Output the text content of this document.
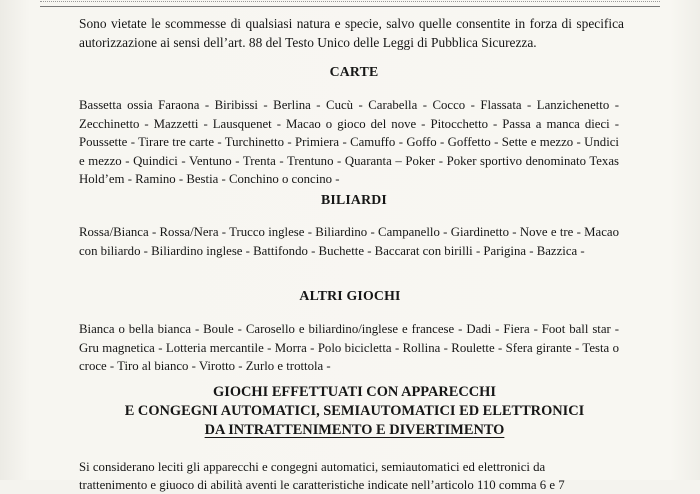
Sono vietate le scommesse di qualsiasi natura e specie, salvo quelle consentite in forza di specifica autorizzazione ai sensi dell’art. 88 del Testo Unico delle Leggi di Pubblica Sicurezza.

CARTE

Bassetta ossia Faraona - Biribissi - Berlina - Cucù - Carabella - Cocco - Flassata - Lanzichenetto - Zecchinetto - Mazzetti - Lausquenet - Macao o gioco del nove - Pitocchetto - Passa a manca dieci - Poussette - Tirare tre carte - Turchinetto - Primiera - Camuffo - Goffo - Goffetto - Sette e mezzo - Undici e mezzo - Quindici - Ventuno - Trenta - Trentuno - Quaranta – Poker - Poker sportivo denominato Texas Hold’em - Ramino - Bestia - Conchino o concino -

BILIARDI

Rossa/Bianca - Rossa/Nera - Trucco inglese - Biliardino - Campanello - Giardinetto - Nove e tre - Macao con biliardo - Biliardino inglese - Battifondo - Buchette - Baccarat con birilli - Parigina - Bazzica -

ALTRI GIOCHI

Bianca o bella bianca - Boule - Carosello e biliardino/inglese e francese - Dadi - Fiera - Foot ball star - Gru magnetica - Lotteria mercantile - Morra - Polo bicicletta - Rollina - Roulette - Sfera girante - Testa o croce - Tiro al bianco - Virotto - Zurlo e trottola -

GIOCHI EFFETTUATI CON APPARECCHI
E CONGEGNI AUTOMATICI, SEMIAUTOMATICI ED ELETTRONICI
DA INTRATTENIMENTO E DIVERTIMENTO
Si considerano leciti gli apparecchi e congegni automatici, semiautomatici ed elettronici da
trattenimento e giuoco di abilità aventi le caratteristiche indicate nell’articolo 110 comma 6 e 7
